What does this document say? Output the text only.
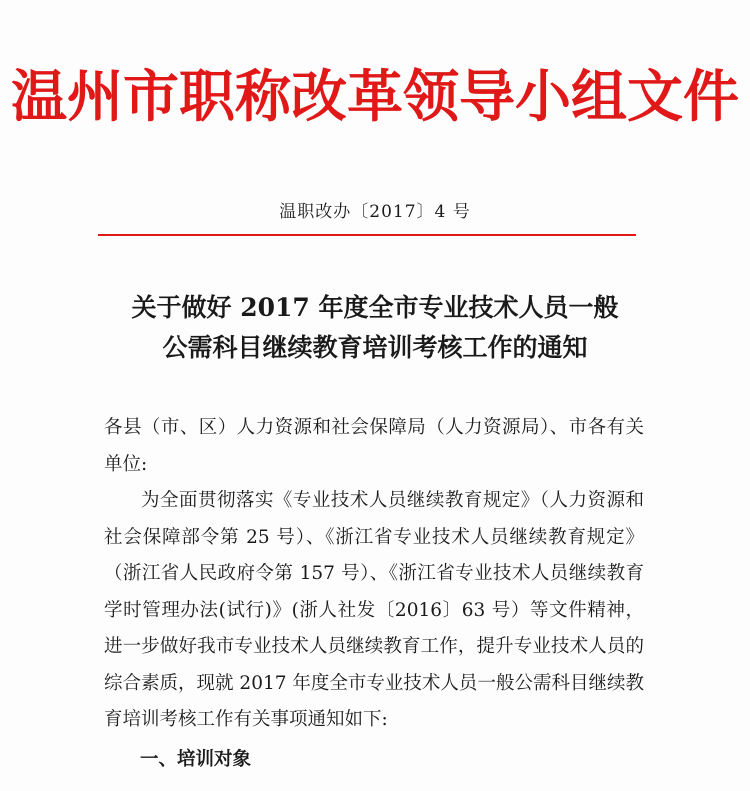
温州市职称改革领导小组文件
温职改办〔2017〕4 号
关于做好 2017 年度全市专业技术人员一般
公需科目继续教育培训考核工作的通知

各县（市、区）人力资源和社会保障局（人力资源局）、市各有关单位:

为全面贯彻落实《专业技术人员继续教育规定》（人力资源和社会保障部令第 25 号）、《浙江省专业技术人员继续教育规定》（浙江省人民政府令第 157 号）、《浙江省专业技术人员继续教育学时管理办法(试行)》(浙人社发〔2016〕63 号）等文件精神，进一步做好我市专业技术人员继续教育工作，提升专业技术人员的综合素质，现就 2017 年度全市专业技术人员一般公需科目继续教育培训考核工作有关事项通知如下:

一、培训对象
